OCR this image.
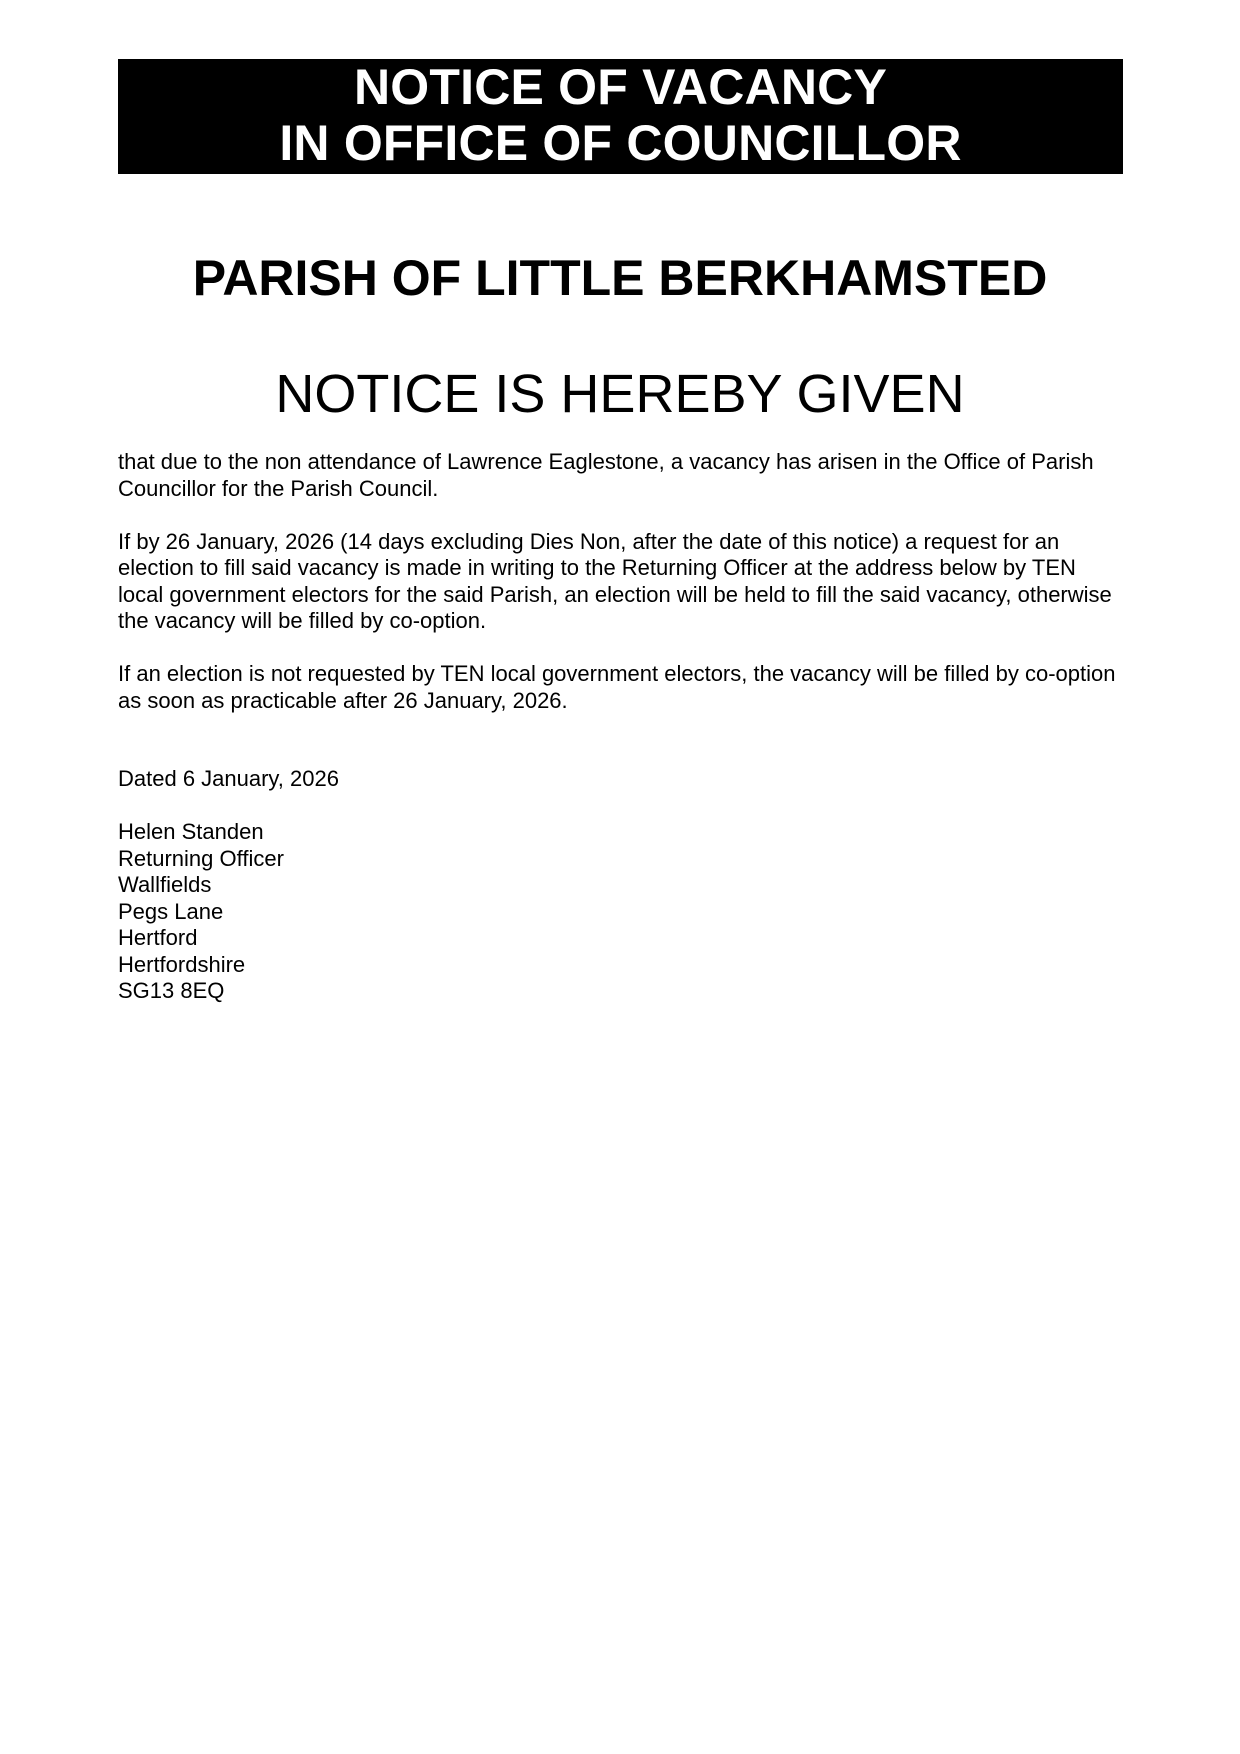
NOTICE OF VACANCY
IN OFFICE OF COUNCILLOR
PARISH OF LITTLE BERKHAMSTED
NOTICE IS HEREBY GIVEN

that due to the non attendance of Lawrence Eaglestone, a vacancy has arisen in the Office of Parish Councillor for the Parish Council.

If by 26 January, 2026 (14 days excluding Dies Non, after the date of this notice) a request for an election to fill said vacancy is made in writing to the Returning Officer at the address below by TEN local government electors for the said Parish, an election will be held to fill the said vacancy, otherwise the vacancy will be filled by co-option.

If an election is not requested by TEN local government electors, the vacancy will be filled by co-option as soon as practicable after 26 January, 2026.

Dated 6 January, 2026

Helen Standen
Returning Officer
Wallfields
Pegs Lane
Hertford
Hertfordshire
SG13 8EQ
